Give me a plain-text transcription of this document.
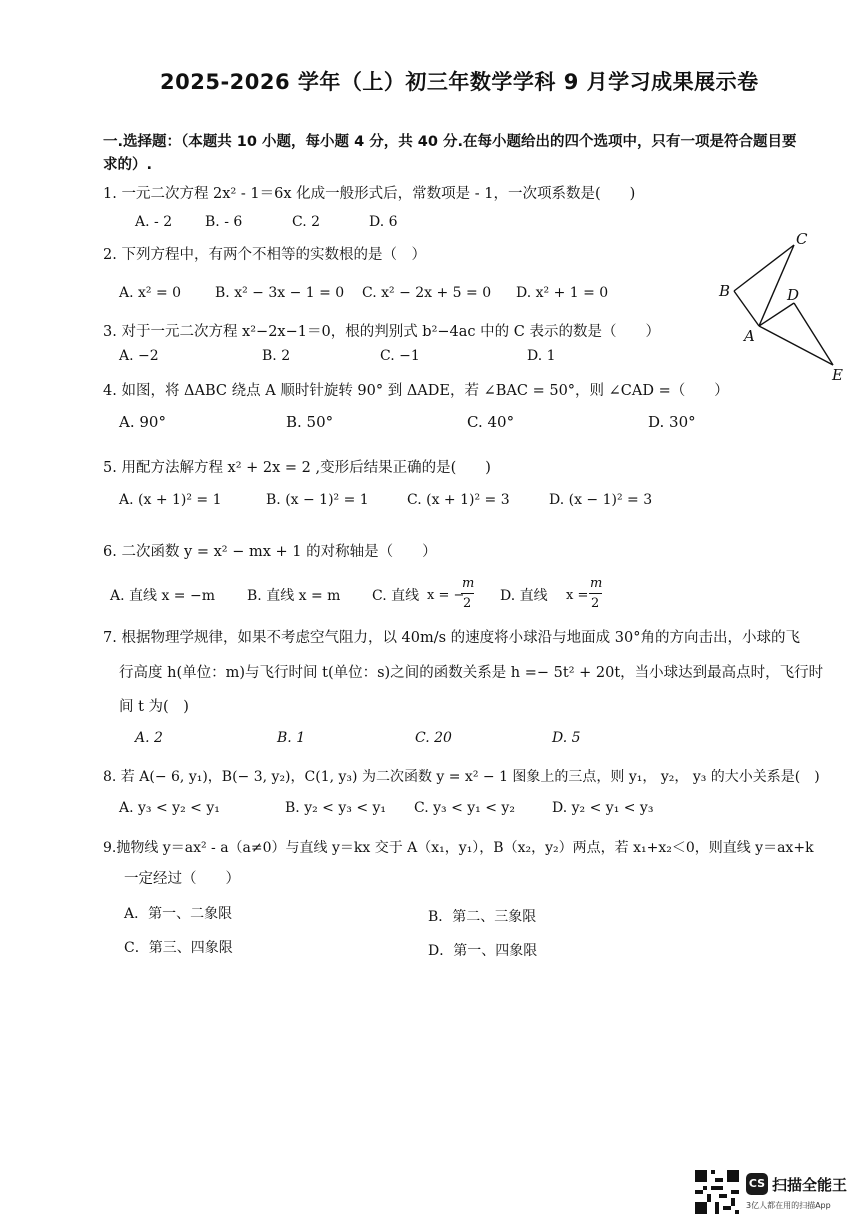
2025-2026 学年（上）初三年数学学科 9 月学习成果展示卷
一.选择题：（本题共 10 小题，每小题 4 分，共 40 分.在每小题给出的四个选项中，只有一项是符合题目要
求的）.
1. 一元二次方程 2x² - 1＝6x 化成一般形式后，常数项是 - 1，一次项系数是(　　)
A. - 2 B. - 6	C. 2	D. 6
2. 下列方程中，有两个不相等的实数根的是（　）
A. x² = 0 B. x² − 3x − 1 = 0 C. x² − 2x + 5 = 0 D. x² + 1 = 0
3. 对于一元二次方程 x²−2x−1＝0，根的判别式 b²−4ac 中的 C 表示的数是（　　）
A. −2	B. 2	C. −1	D. 1
4. 如图，将 ΔABC 绕点 A 顺时针旋转 90° 到 ΔADE，若 ∠BAC = 50°，则 ∠CAD =（　　）
A. 90°	B. 50°	C. 40°	D. 30°
5. 用配方法解方程 x² + 2x = 2 ,变形后结果正确的是(　　)
A. (x + 1)² = 1	B. (x − 1)² = 1	C. (x + 1)² = 3	D. (x − 1)² = 3
6. 二次函数 y = x² − mx + 1 的对称轴是（　　）
A. 直线 x = −m B. 直线 x = m C. 直线 x = −
m
2 D. 直线 x =
m
2
7. 根据物理学规律，如果不考虑空气阻力，以 40m/s 的速度将小球沿与地面成 30°角的方向击出，小球的飞
行高度 h(单位：m)与飞行时间 t(单位：s)之间的函数关系是 h =− 5t² + 20t，当小球达到最高点时，飞行时
间 t 为(　)
A. 2	B. 1	C. 20	D. 5
8. 若 A(− 6, y₁)，B(− 3, y₂)，C(1, y₃) 为二次函数 y = x² − 1 图象上的三点，则 y₁， y₂， y₃ 的大小关系是(　)
A. y₃ < y₂ < y₁	B. y₂ < y₃ < y₁ C. y₃ < y₁ < y₂	D. y₂ < y₁ < y₃
9.抛物线 y＝ax² - a（a≠0）与直线 y＝kx 交于 A（x₁，y₁），B（x₂，y₂）两点，若 x₁+x₂＜0，则直线 y＝ax+k
一定经过（　　）
A．第一、二象限	B．第二、三象限
C．第三、四象限	D．第一、四象限
C
B	D
A
E
CS 扫描全能王
3亿人都在用的扫描App
